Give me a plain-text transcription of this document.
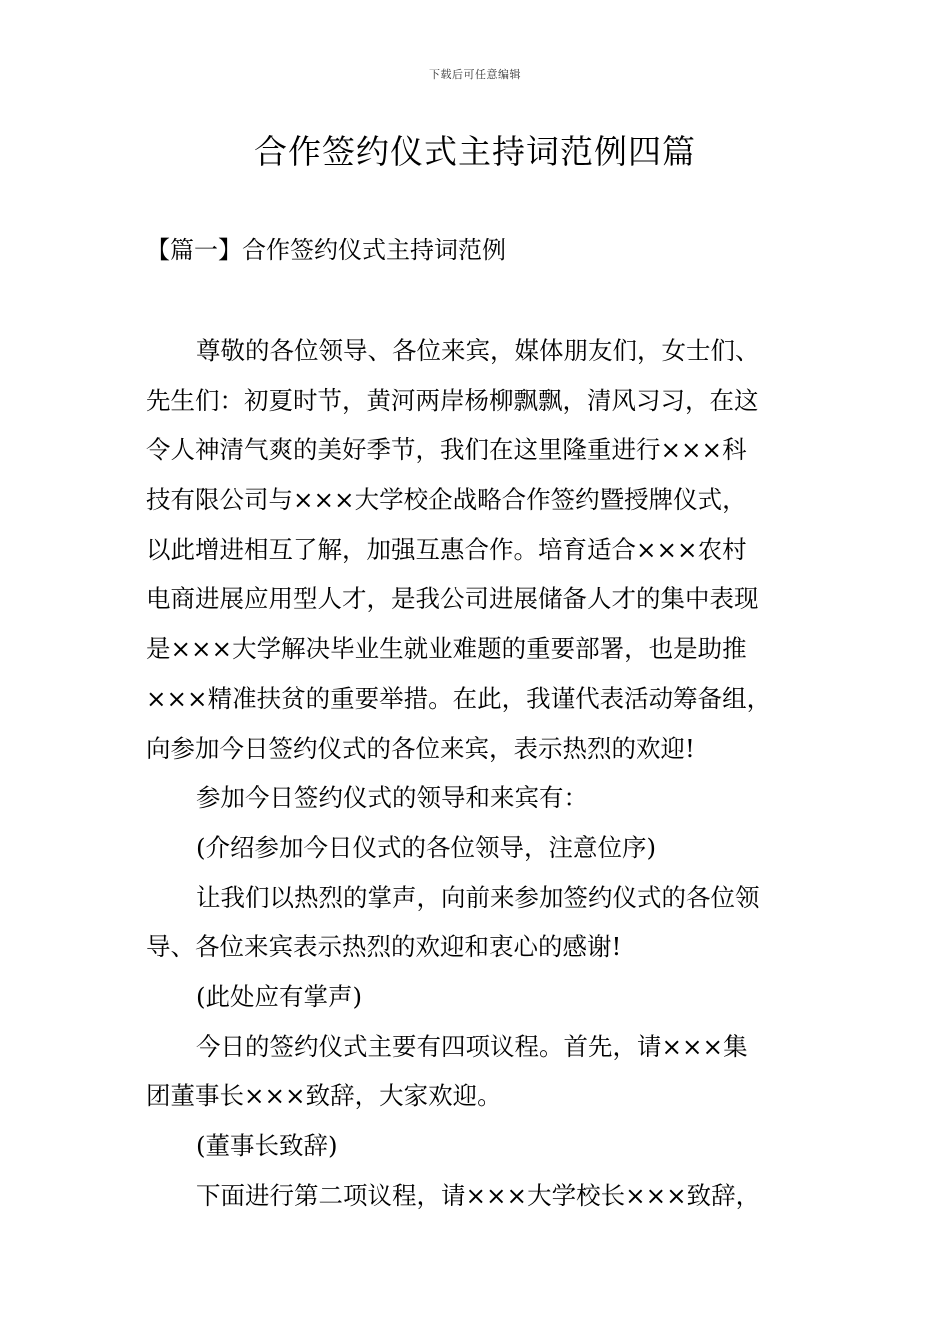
下载后可任意编辑
合作签约仪式主持词范例四篇
【篇一】合作签约仪式主持词范例
尊敬的各位领导、各位来宾，媒体朋友们，女士们、
先生们：初夏时节，黄河两岸杨柳飘飘，清风习习，在这
令人神清气爽的美好季节，我们在这里隆重进行×××科
技有限公司与×××大学校企战略合作签约暨授牌仪式，
以此增进相互了解，加强互惠合作。培育适合×××农村
电商进展应用型人才，是我公司进展储备人才的集中表现
是×××大学解决毕业生就业难题的重要部署，也是助推
×××精准扶贫的重要举措。在此，我谨代表活动筹备组，
向参加今日签约仪式的各位来宾，表示热烈的欢迎!
参加今日签约仪式的领导和来宾有：
(介绍参加今日仪式的各位领导，注意位序)
让我们以热烈的掌声，向前来参加签约仪式的各位领
导、各位来宾表示热烈的欢迎和衷心的感谢!
(此处应有掌声)
今日的签约仪式主要有四项议程。首先，请×××集
团董事长×××致辞，大家欢迎。
(董事长致辞)
下面进行第二项议程，请×××大学校长×××致辞，
